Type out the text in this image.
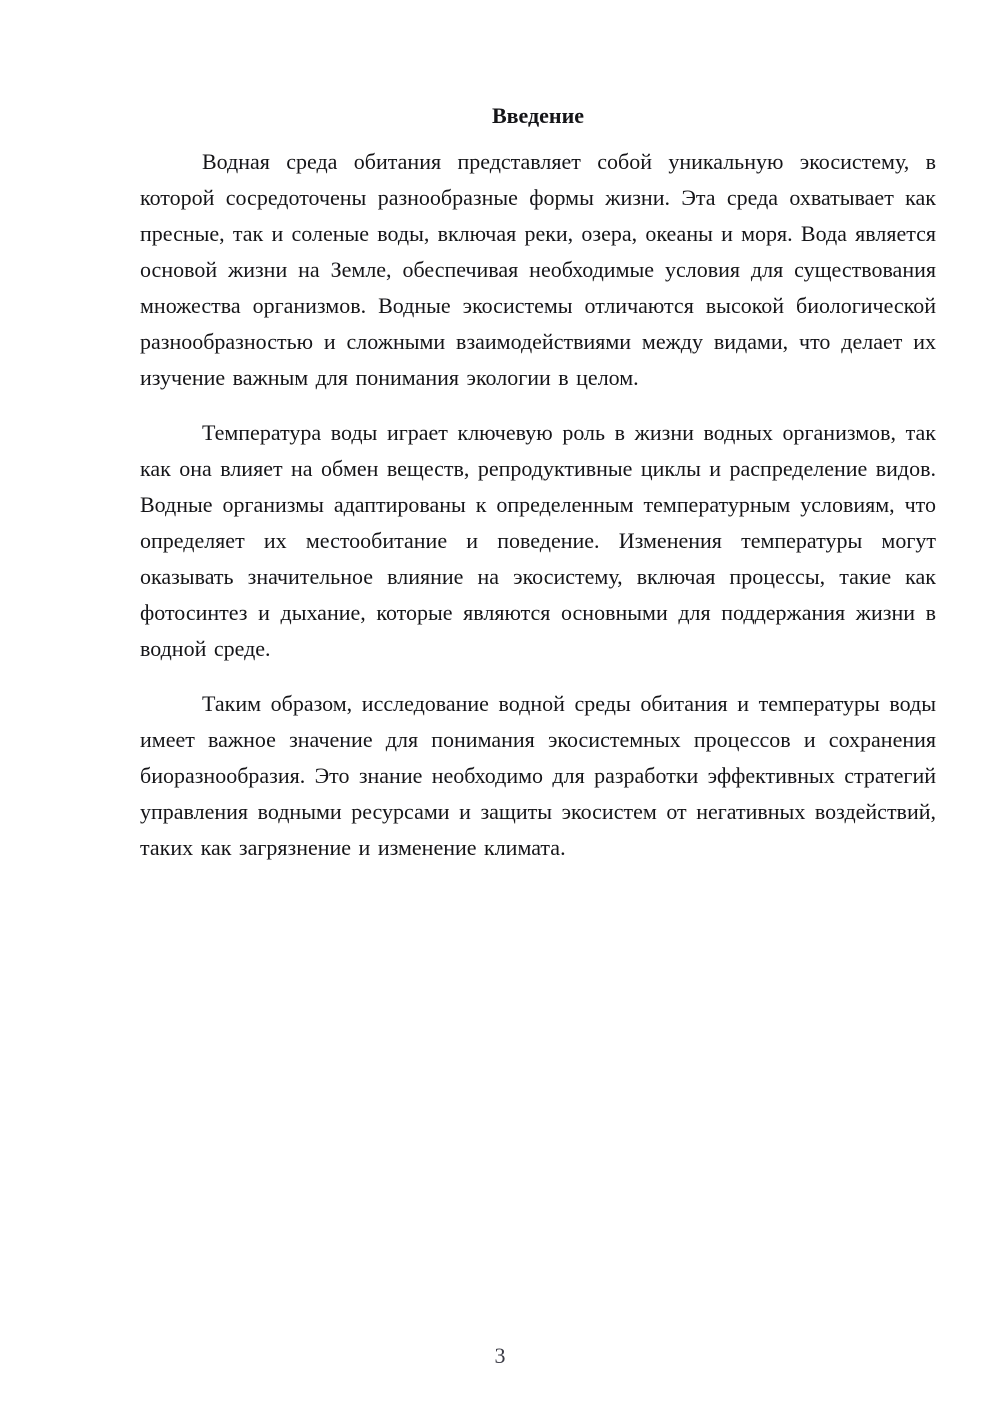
Введение

Водная среда обитания представляет собой уникальную экосистему, в которой сосредоточены разнообразные формы жизни. Эта среда охватывает как пресные, так и соленые воды, включая реки, озера, океаны и моря. Вода является основой жизни на Земле, обеспечивая необходимые условия для существования множества организмов. Водные экосистемы отличаются высокой биологической разнообразностью и сложными взаимодействиями между видами, что делает их изучение важным для понимания экологии в целом.

Температура воды играет ключевую роль в жизни водных организмов, так как она влияет на обмен веществ, репродуктивные циклы и распределение видов. Водные организмы адаптированы к определенным температурным условиям, что определяет их местообитание и поведение. Изменения температуры могут оказывать значительное влияние на экосистему, включая процессы, такие как фотосинтез и дыхание, которые являются основными для поддержания жизни в водной среде.

Таким образом, исследование водной среды обитания и температуры воды имеет важное значение для понимания экосистемных процессов и сохранения биоразнообразия. Это знание необходимо для разработки эффективных стратегий управления водными ресурсами и защиты экосистем от негативных воздействий, таких как загрязнение и изменение климата.

3
